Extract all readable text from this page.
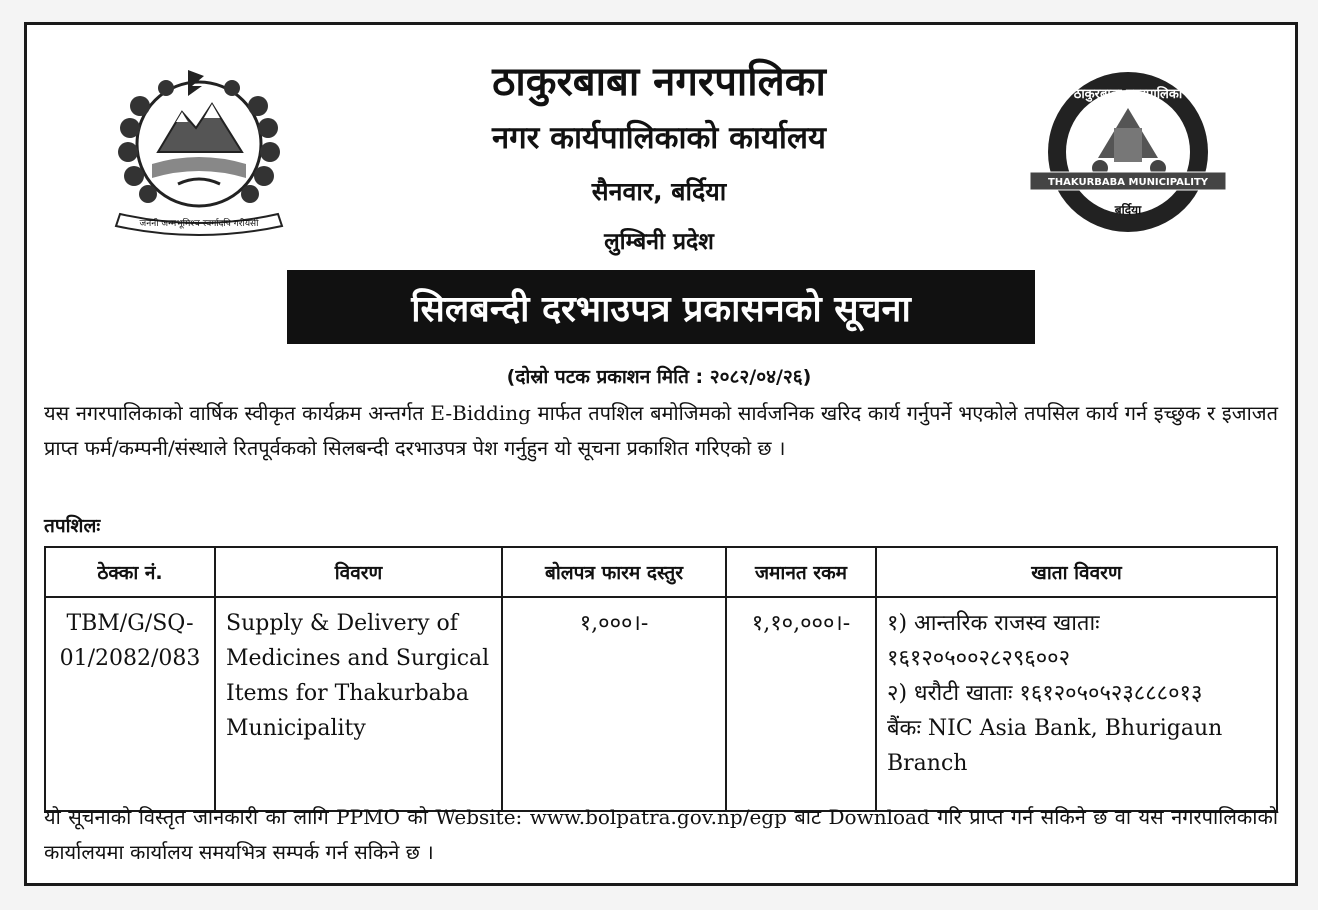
जननी जन्मभूमिश्च स्वर्गादपि गरीयसी
ठाकुरबाबा नगरपालिका
THAKURBABA MUNICIPALITY
बर्दिया
ठाकुरबाबा नगरपालिका
नगर कार्यपालिकाको कार्यालय
सैनवार, बर्दिया
लुम्बिनी प्रदेश
सिलबन्दी दरभाउपत्र प्रकासनको सूचना
(दोस्रो पटक प्रकाशन मिति : २०८२/०४/२६)
यस नगरपालिकाको वार्षिक स्वीकृत कार्यक्रम अन्तर्गत E-Bidding मार्फत तपशिल बमोजिमको सार्वजनिक खरिद कार्य गर्नुपर्ने भएकोले तपसिल कार्य गर्न इच्छुक र इजाजत प्राप्त फर्म/कम्पनी/संस्थाले रितपूर्वकको सिलबन्दी दरभाउपत्र पेश गर्नुहुन यो सूचना प्रकाशित गरिएको छ ।
तपशिलः
ठेक्का नं.	विवरण	बोलपत्र फारम दस्तुर	जमानत रकम	खाता विवरण
TBM/G/SQ-01/2082/083	Supply & Delivery of Medicines and Surgical Items for Thakurbaba Municipality	१,०००।-	१,१०,०००।-	१) आन्तरिक राजस्व खाताः १६१२०५००२८२९६००२
२) धरौटी खाताः १६१२०५०५२३८८८०१३
बैंकः NIC Asia Bank, Bhurigaun Branch
यो सूचनाको विस्तृत जानकारी का लागि PPMO को Website: www.bolpatra.gov.np/egp बाट Download गरि प्राप्त गर्न सकिने छ वा यस नगरपालिकाको कार्यालयमा कार्यालय समयभित्र सम्पर्क गर्न सकिने छ ।
